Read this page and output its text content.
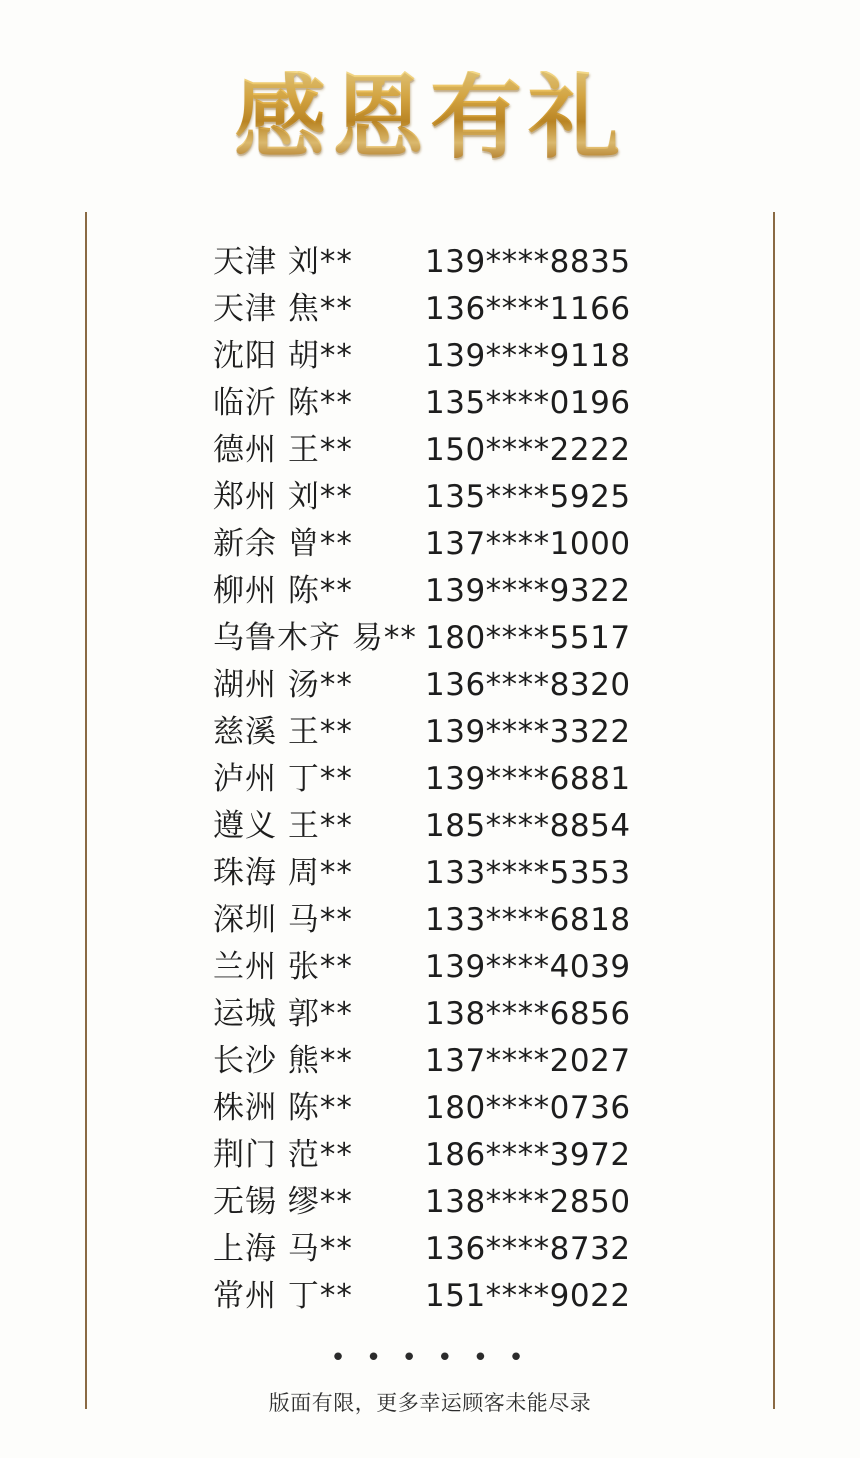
感恩有礼
天津 刘**	139****8835
天津 焦**	136****1166
沈阳 胡**	139****9118
临沂 陈**	135****0196
德州 王**	150****2222
郑州 刘**	135****5925
新余 曾**	137****1000
柳州 陈**	139****9322
乌鲁木齐 易** 180****5517
湖州 汤**	136****8320
慈溪 王**	139****3322
泸州 丁**	139****6881
遵义 王**	185****8854
珠海 周**	133****5353
深圳 马**	133****6818
兰州 张**	139****4039
运城 郭**	138****6856
长沙 熊**	137****2027
株洲 陈**	180****0736
荆门 范**	186****3972
无锡 缪**	138****2850
上海 马**	136****8732
常州 丁**	151****9022
• • • • • •
版面有限，更多幸运顾客未能尽录
